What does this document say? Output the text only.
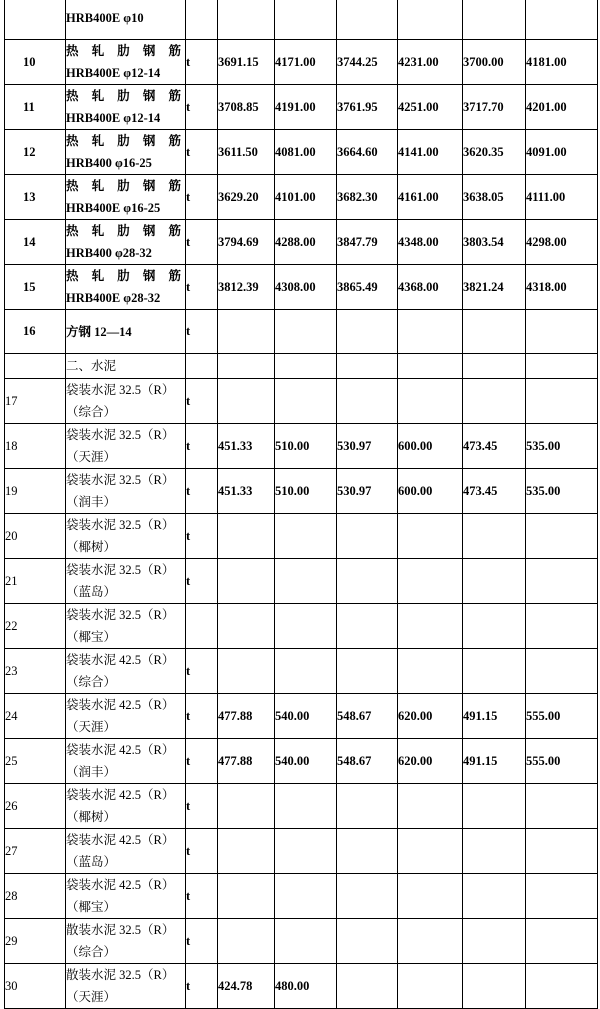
	HRB400E φ10							

10	热 轧 肋 钢 筋
HRB400E φ12-14	t	3691.15	4171.00	3744.25	4231.00	3700.00	4181.00
11	热 轧 肋 钢 筋
HRB400E φ12-14	t	3708.85	4191.00	3761.95	4251.00	3717.70	4201.00
12	热 轧 肋 钢 筋
HRB400 φ16-25	t	3611.50	4081.00	3664.60	4141.00	3620.35	4091.00
13	热 轧 肋 钢 筋
HRB400E φ16-25	t	3629.20	4101.00	3682.30	4161.00	3638.05	4111.00
14	热 轧 肋 钢 筋
HRB400 φ28-32	t	3794.69	4288.00	3847.79	4348.00	3803.54	4298.00
15	热 轧 肋 钢 筋
HRB400E φ28-32	t	3812.39	4308.00	3865.49	4368.00	3821.24	4318.00
16	方钢 12—14	t						

	二、水泥							

17	袋装水泥 32.5（R）
（综合）	t						
18	袋装水泥 32.5（R）
（天涯）	t	451.33	510.00	530.97	600.00	473.45	535.00
19	袋装水泥 32.5（R）
（润丰）	t	451.33	510.00	530.97	600.00	473.45	535.00
20	袋装水泥 32.5（R）
（椰树）	t						
21	袋装水泥 32.5（R）
（蓝岛）	t						
22	袋装水泥 32.5（R）
（椰宝）							

23	袋装水泥 42.5（R）
（综合）	t						
24	袋装水泥 42.5（R）
（天涯）	t	477.88	540.00	548.67	620.00	491.15	555.00
25	袋装水泥 42.5（R）
（润丰）	t	477.88	540.00	548.67	620.00	491.15	555.00
26	袋装水泥 42.5（R）
（椰树）	t						
27	袋装水泥 42.5（R）
（蓝岛）	t						
28	袋装水泥 42.5（R）
（椰宝）	t						
29	散装水泥 32.5（R）
（综合）	t						
30	散装水泥 32.5（R）
（天涯）	t	424.78	480.00				
